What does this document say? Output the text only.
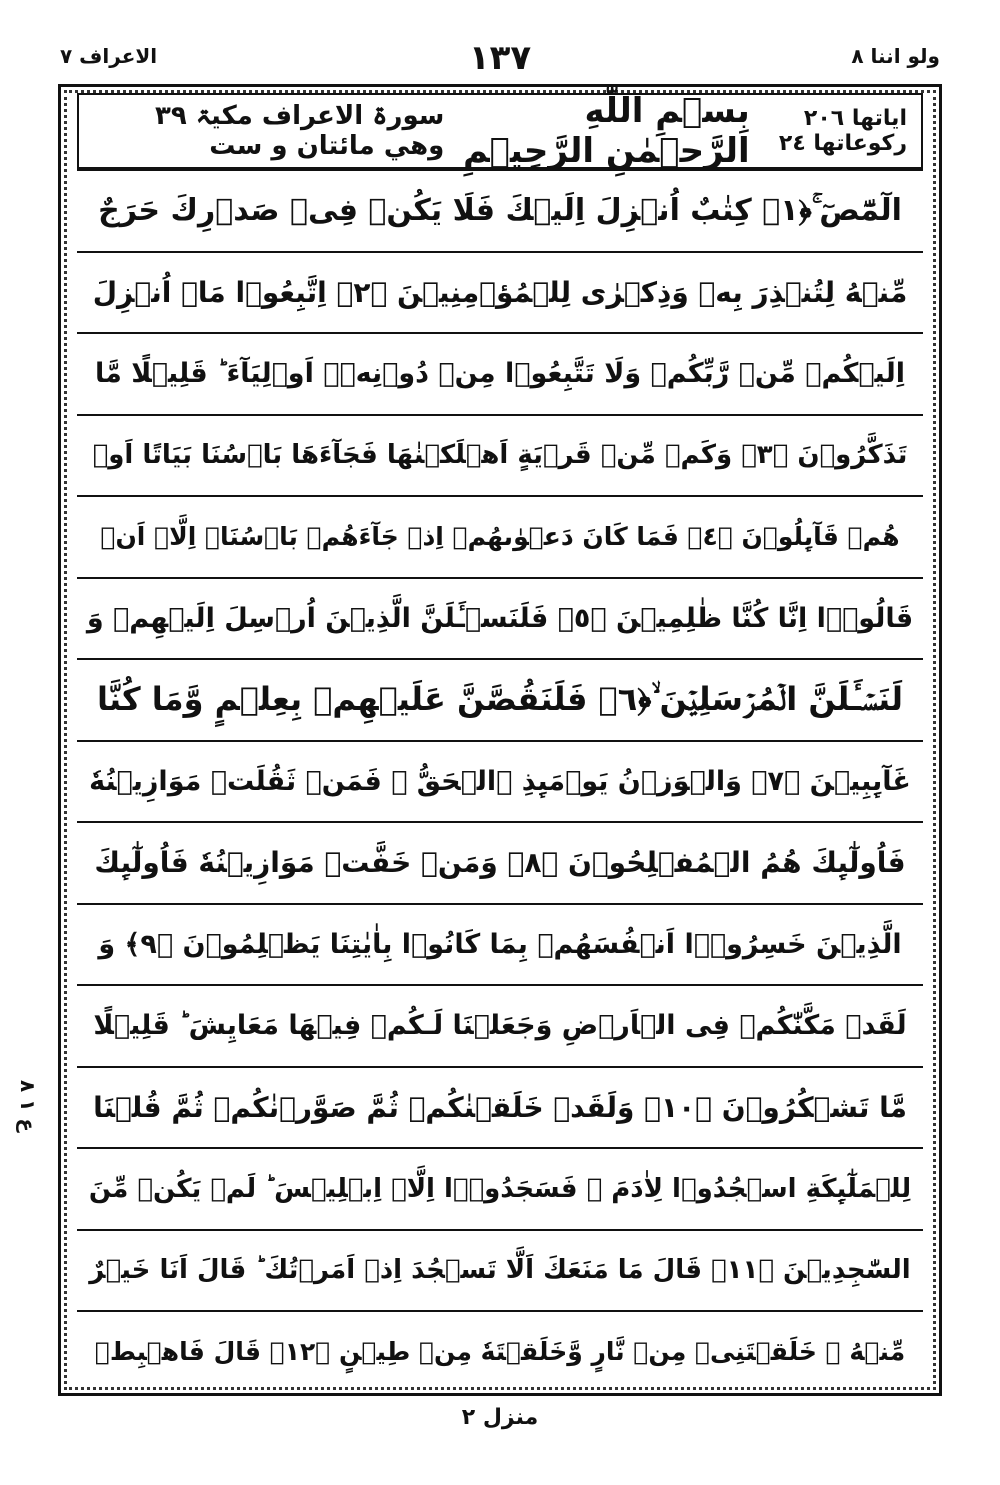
الاعراف ٧	۱۳۷	ولو اننا ٨
اياتها ٢٠٦ ركوعاتها ٢٤
بِسۡمِ اللّٰهِ الرَّحۡمٰنِ الرَّحِيۡمِ
سورۃ الاعراف مکیۃ ۳۹ وهي مائتان و ست
الٓمّٓصٓ ۚ﴿١﴾ كِتٰبٌ اُنۡزِلَ اِلَيۡكَ فَلَا يَكُنۡ فِىۡ صَدۡرِكَ حَرَجٌ
مِّنۡهُ لِتُنۡذِرَ بِهٖ وَذِكۡرٰى لِلۡمُؤۡمِنِيۡنَ ﴿٢﴾ اِتَّبِعُوۡا مَاۤ اُنۡزِلَ
اِلَيۡكُمۡ مِّنۡ رَّبِّكُمۡ وَلَا تَتَّبِعُوۡا مِنۡ دُوۡنِهٖۤ اَوۡلِيَآءَ ؕ قَلِيۡلًا مَّا
تَذَكَّرُوۡنَ ﴿٣﴾ وَكَمۡ مِّنۡ قَرۡيَةٍ اَهۡلَكۡنٰهَا فَجَآءَهَا بَاۡسُنَا بَيَاتًا اَوۡ
هُمۡ قَآٮِٕلُوۡنَ ﴿٤﴾ فَمَا كَانَ دَعۡوٰٮهُمۡ اِذۡ جَآءَهُمۡ بَاۡسُنَاۤ اِلَّاۤ اَنۡ
قَالُوۡۤا اِنَّا كُنَّا ظٰلِمِيۡنَ ﴿٥﴾ فَلَنَسۡـَٔلَنَّ الَّذِيۡنَ اُرۡسِلَ اِلَيۡهِمۡ وَ
لَنَسۡـَٔلَنَّ الۡمُرۡسَلِيۡنَ ۙ﴿٦﴾ فَلَنَقُصَّنَّ عَلَيۡهِمۡ بِعِلۡمٍ وَّمَا كُنَّا
غَآٮِٕبِيۡنَ ﴿٧﴾ وَالۡوَزۡنُ يَوۡمَٮِٕذِ ۨالۡحَقُّ ۚ فَمَنۡ ثَقُلَتۡ مَوَازِيۡنُهٗ
فَاُولٰٓٮِٕكَ هُمُ الۡمُفۡلِحُوۡنَ ﴿٨﴾ وَمَنۡ خَفَّتۡ مَوَازِيۡنُهٗ فَاُولٰٓٮِٕكَ
الَّذِيۡنَ خَسِرُوۡۤا اَنۡفُسَهُمۡ بِمَا كَانُوۡا بِاٰيٰتِنَا يَظۡلِمُوۡنَ ﴿٩﴾ وَ
لَقَدۡ مَكَّنّٰكُمۡ فِى الۡاَرۡضِ وَجَعَلۡنَا لَـكُمۡ فِيۡهَا مَعَايِشَ ؕ قَلِيۡلًا
مَّا تَشۡكُرُوۡنَ ﴿١٠﴾ وَلَقَدۡ خَلَقۡنٰكُمۡ ثُمَّ صَوَّرۡنٰكُمۡ ثُمَّ قُلۡنَا
لِلۡمَلٰٓٮِٕكَةِ اسۡجُدُوۡا لِاٰدَمَ ۖ فَسَجَدُوۡۤا اِلَّاۤ اِبۡلِيۡسَ ؕ لَمۡ يَكُنۡ مِّنَ
السّٰجِدِيۡنَ ﴿١١﴾ قَالَ مَا مَنَعَكَ اَلَّا تَسۡجُدَ اِذۡ اَمَرۡتُكَ ؕ قَالَ اَنَا خَيۡرٌ
مِّنۡهُ ۚ خَلَقۡتَنِىۡ مِنۡ نَّارٍ وَّخَلَقۡتَهٗ مِنۡ طِيۡنٍ ﴿١٢﴾ قَالَ فَاهۡبِطۡ
ع ۱ ۸
منزل ٢
